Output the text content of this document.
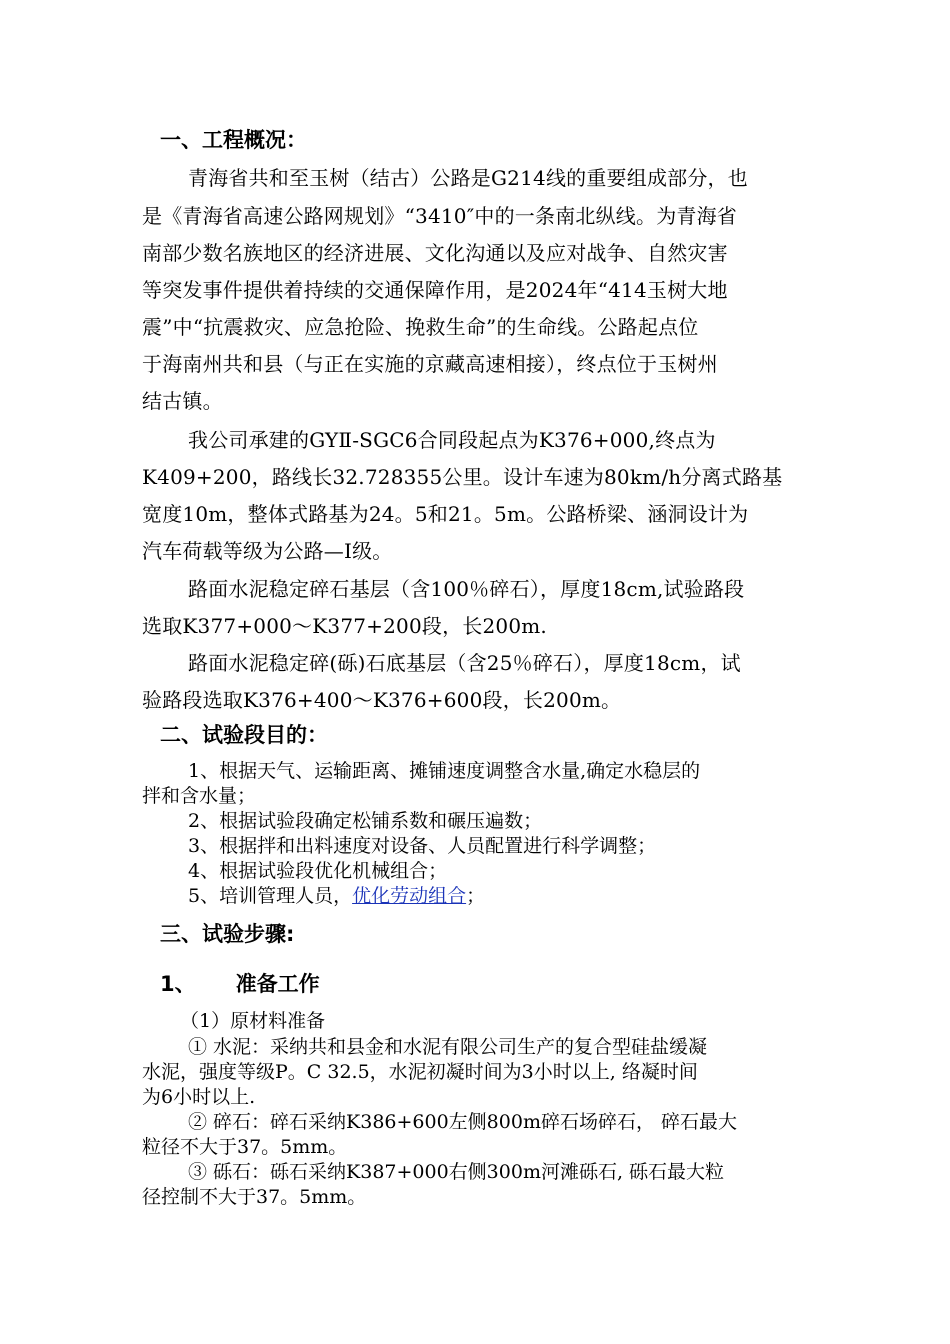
一、工程概况：
青海省共和至玉树（结古）公路是G214线的重要组成部分，也
是《青海省高速公路网规划》“3410″中的一条南北纵线。为青海省
南部少数名族地区的经济进展、文化沟通以及应对战争、自然灾害
等突发事件提供着持续的交通保障作用，是2024年“414玉树大地
震”中“抗震救灾、应急抢险、挽救生命”的生命线。公路起点位
于海南州共和县（与正在实施的京藏高速相接），终点位于玉树州
结古镇。
我公司承建的GYⅡ-SGC6合同段起点为K376+000,终点为
K409+200，路线长32.728355公里。设计车速为80km/h分离式路基
宽度10m，整体式路基为24。5和21。5m。公路桥梁、涵洞设计为
汽车荷载等级为公路—Ⅰ级。
路面水泥稳定碎石基层（含100％碎石），厚度18cm,试验路段
选取K377+000～K377+200段，长200m.
路面水泥稳定碎(砾)石底基层（含25％碎石），厚度18cm，试
验路段选取K376+400～K376+600段，长200m。
二、试验段目的：
1、根据天气、运输距离、摊铺速度调整含水量,确定水稳层的
拌和含水量；
2、根据试验段确定松铺系数和碾压遍数；
3、根据拌和出料速度对设备、人员配置进行科学调整；
4、根据试验段优化机械组合；
5、培训管理人员，优化劳动组合；
三、试验步骤:
1、 准备工作
（1）原材料准备
① 水泥：采纳共和县金和水泥有限公司生产的复合型硅盐缓凝
水泥，强度等级P。C 32.5，水泥初凝时间为3小时以上, 络凝时间
为6小时以上.
② 碎石：碎石采纳K386+600左侧800m碎石场碎石， 碎石最大
粒径不大于37。5mm。
③ 砾石：砾石采纳K387+000右侧300m河滩砾石, 砾石最大粒
径控制不大于37。5mm。
